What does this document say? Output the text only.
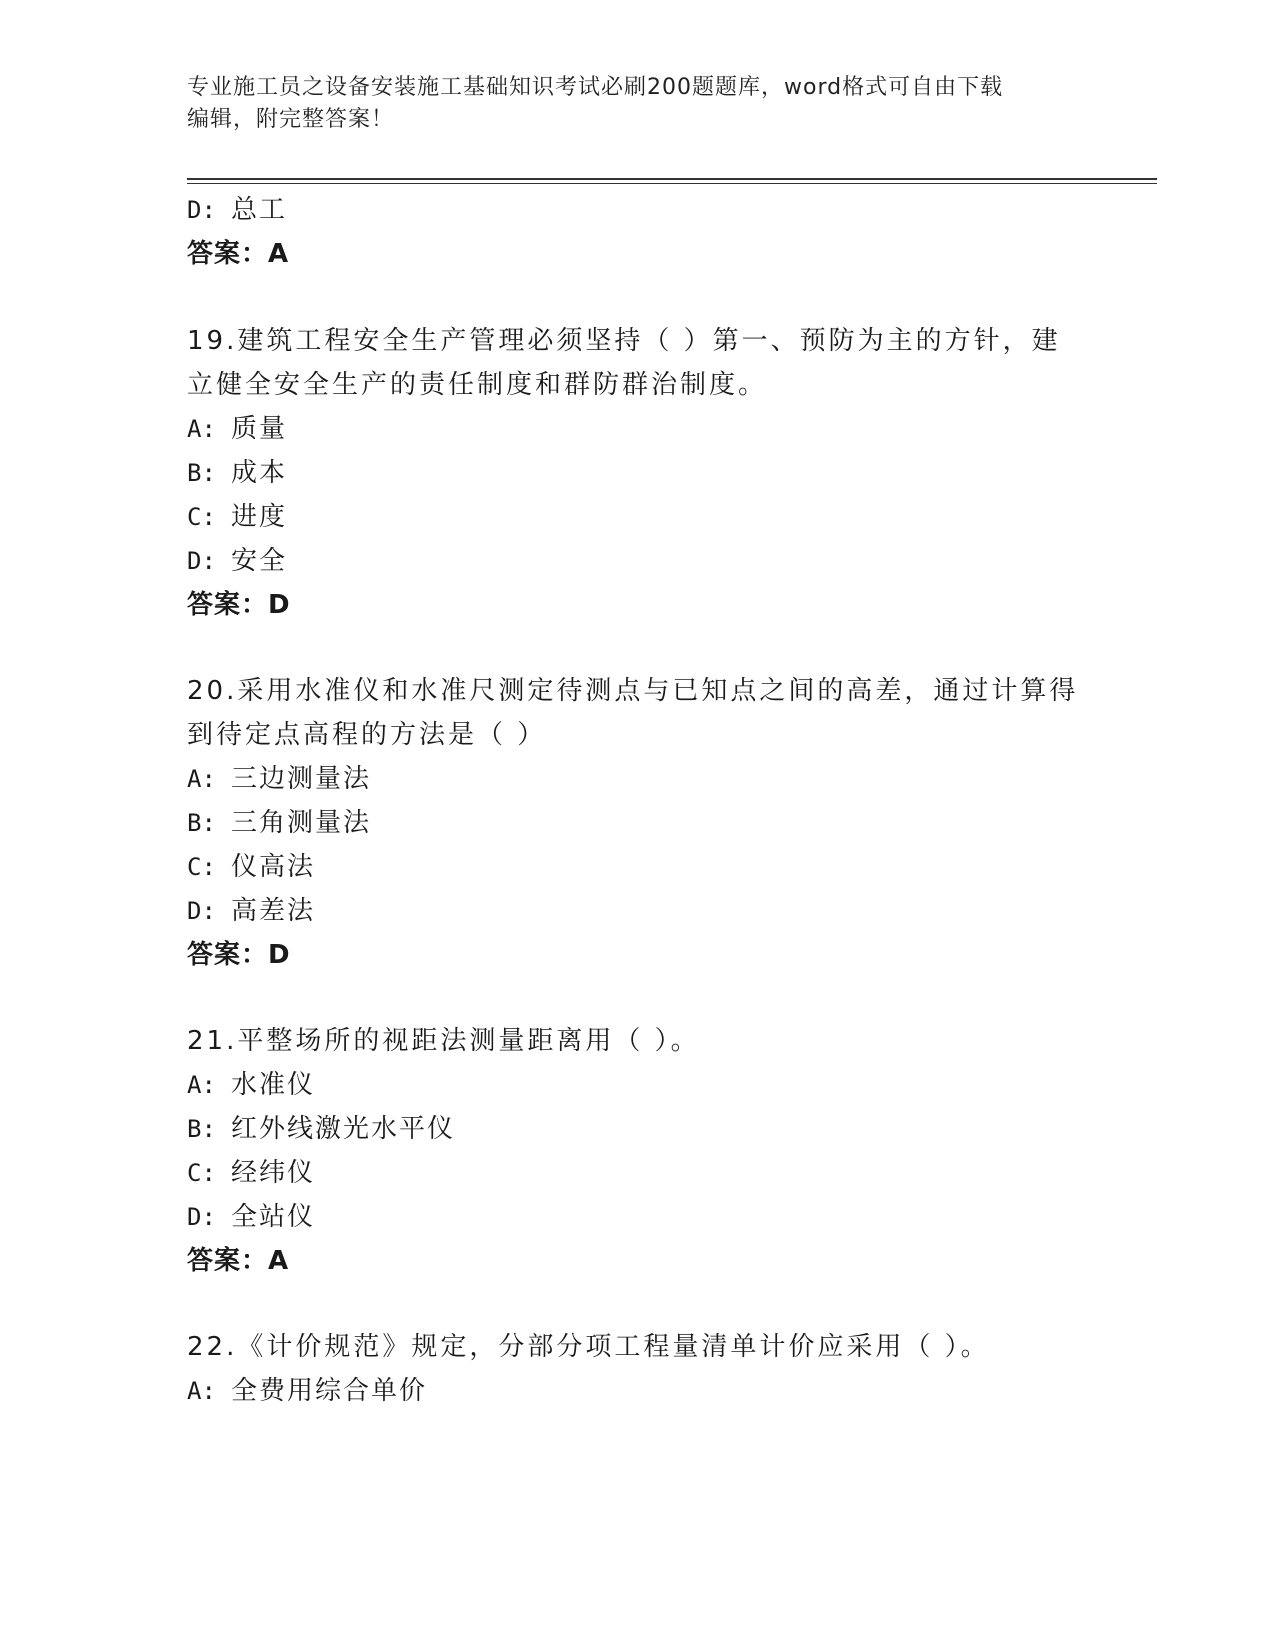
专业施工员之设备安装施工基础知识考试必刷200题题库，word格式可自由下载
编辑，附完整答案！
D: 总工
答案：A
19.建筑工程安全生产管理必须坚持（ ）第一、预防为主的方针，建
立健全安全生产的责任制度和群防群治制度。
A: 质量
B: 成本
C: 进度
D: 安全
答案：D
20.采用水准仪和水准尺测定待测点与已知点之间的高差，通过计算得
到待定点高程的方法是（ ）
A: 三边测量法
B: 三角测量法
C: 仪高法
D: 高差法
答案：D
21.平整场所的视距法测量距离用（ ）。
A: 水准仪
B: 红外线激光水平仪
C: 经纬仪
D: 全站仪
答案：A
22.《计价规范》规定，分部分项工程量清单计价应采用（ ）。
A: 全费用综合单价
